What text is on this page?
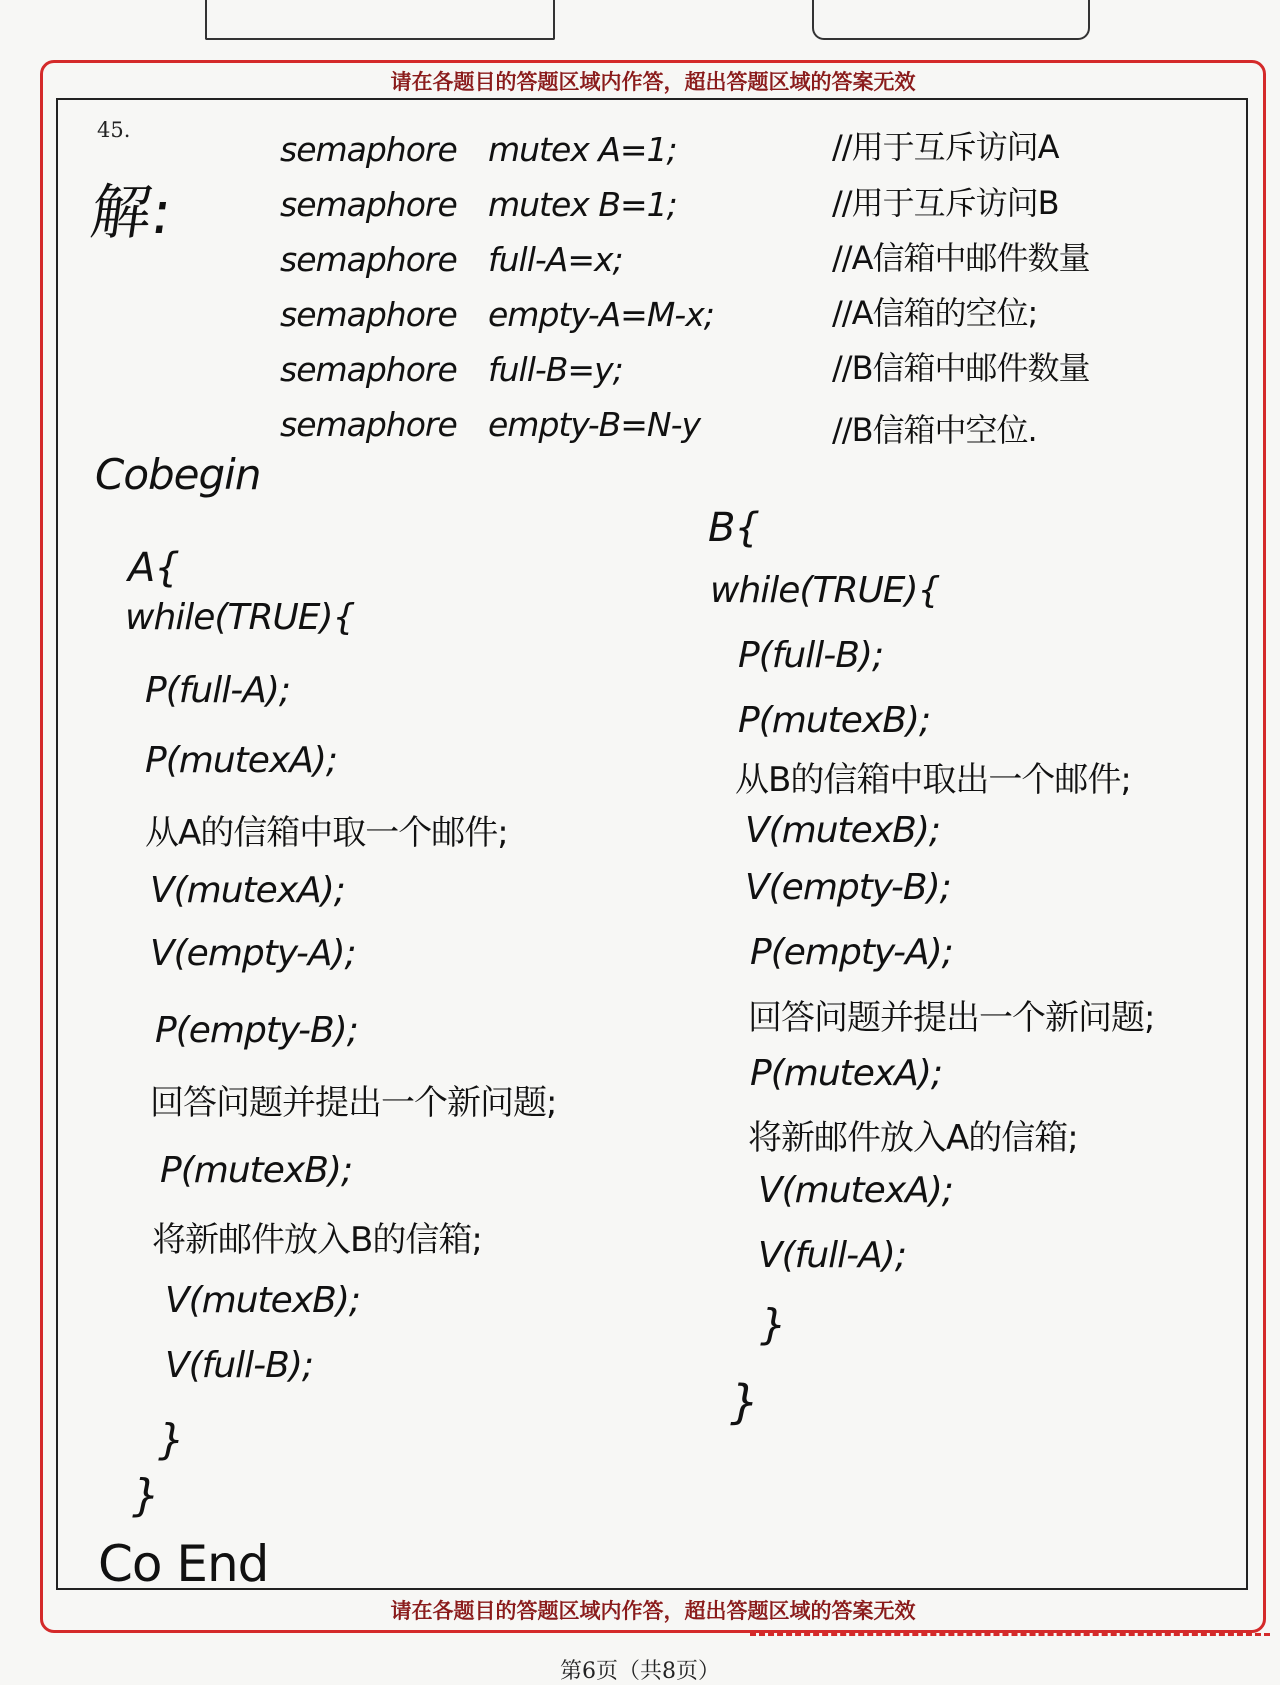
请在各题目的答题区域内作答，超出答题区域的答案无效
请在各题目的答题区域内作答，超出答题区域的答案无效
45.
解:
semaphore mutex A=1;	//用于互斥访问A
semaphore mutex B=1;	//用于互斥访问B
semaphore full-A=x;	//A信箱中邮件数量
semaphore empty-A=M-x;	//A信箱的空位;
semaphore full-B=y;	//B信箱中邮件数量
semaphore empty-B=N-y	//B信箱中空位.
Cobegin
A{
while(TRUE){
P(full-A);
P(mutexA);
从A的信箱中取一个邮件;
V(mutexA);
V(empty-A);
P(empty-B);
回答问题并提出一个新问题;
P(mutexB);
将新邮件放入B的信箱;
V(mutexB);
V(full-B);
}
}
B{
while(TRUE){
P(full-B);
P(mutexB);
从B的信箱中取出一个邮件;
V(mutexB);
V(empty-B);
P(empty-A);
回答问题并提出一个新问题;
P(mutexA);
将新邮件放入A的信箱;
V(mutexA);
V(full-A);
}
}
Co End
第6页（共8页）
